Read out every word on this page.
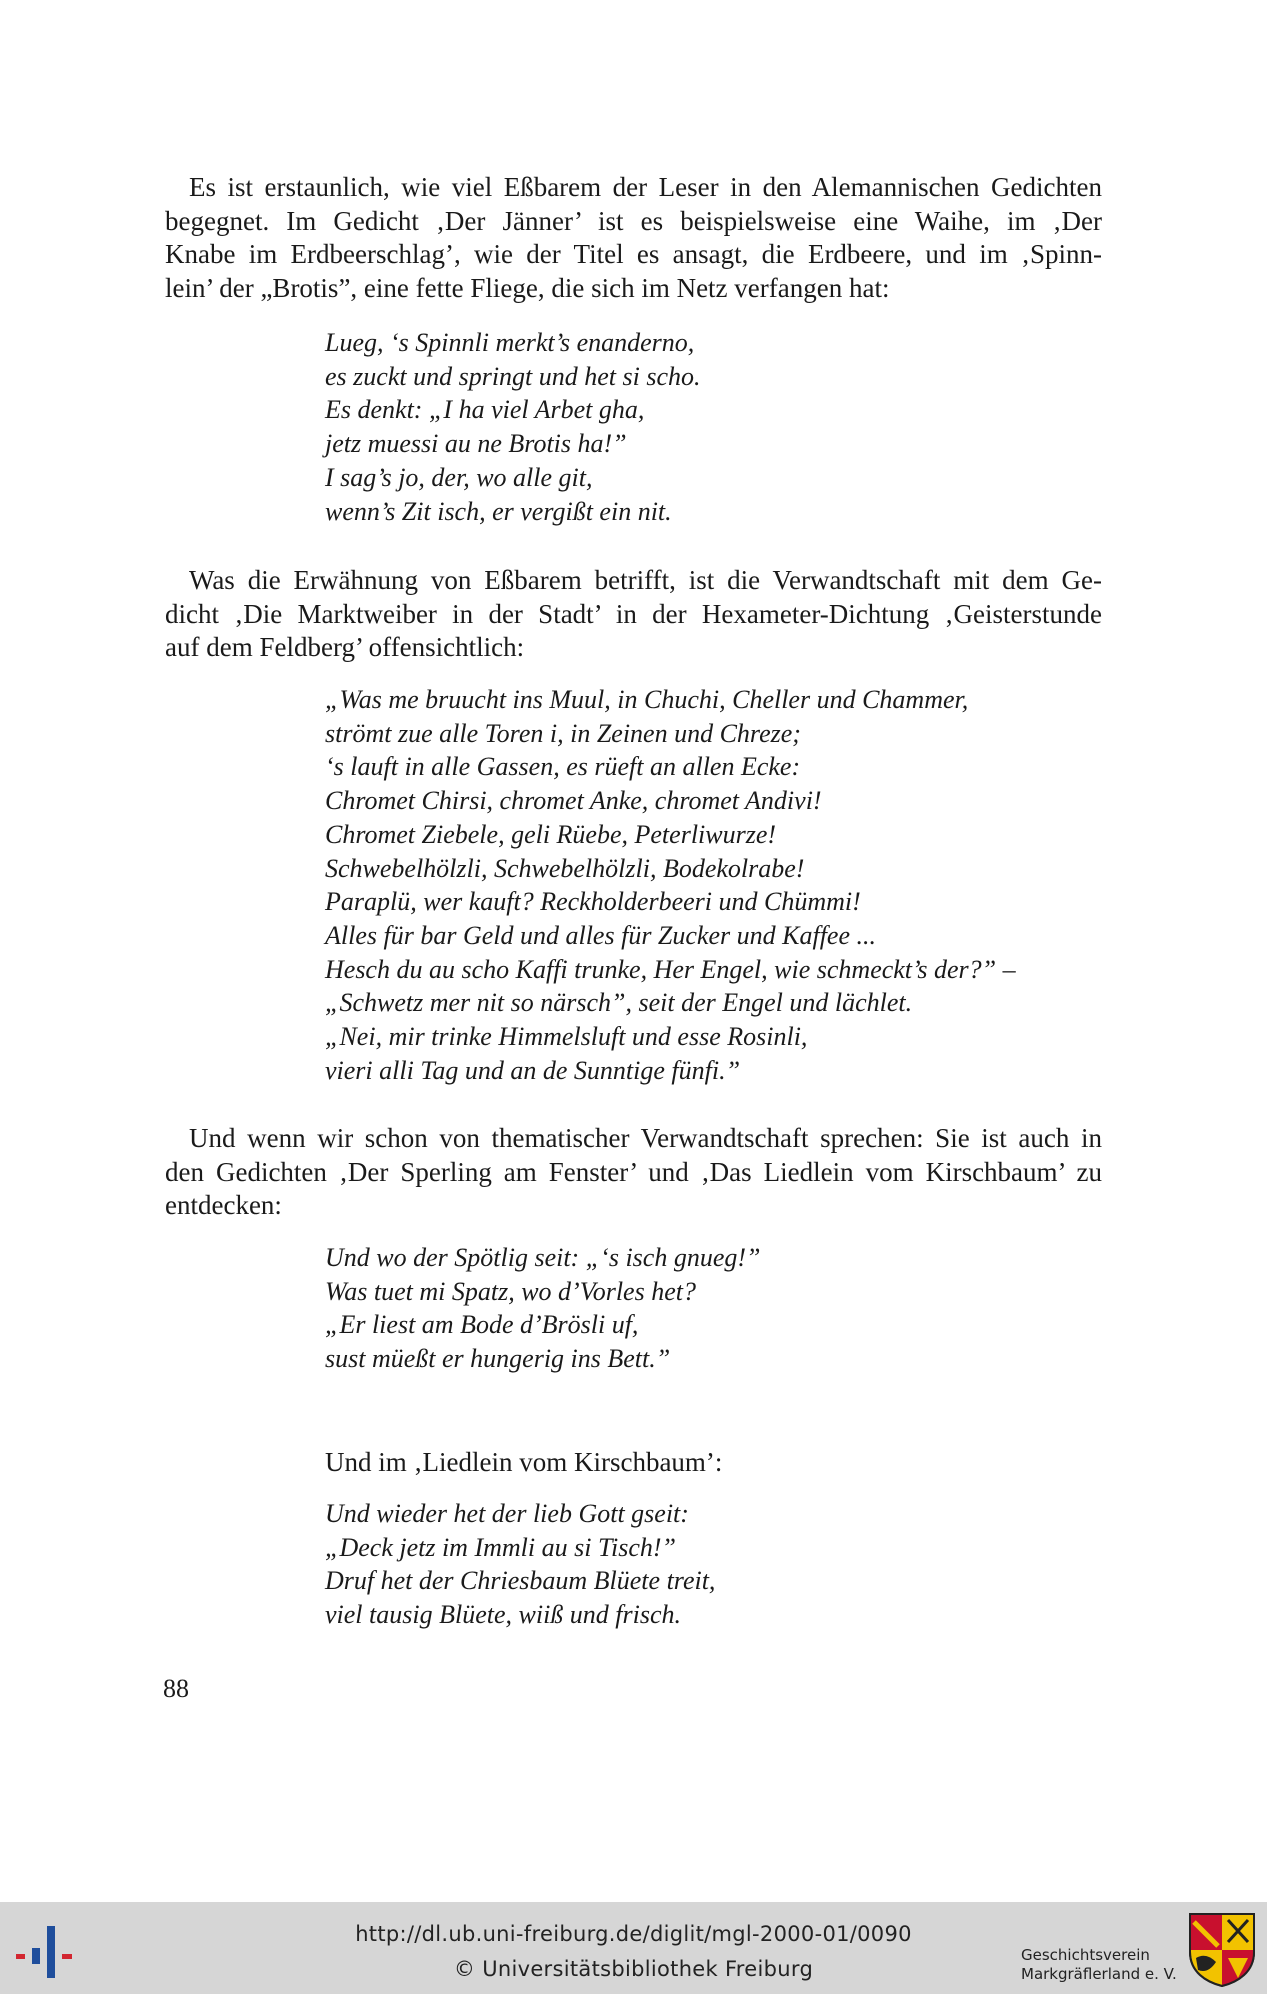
Es ist erstaunlich, wie viel Eßbarem der Leser in den Alemannischen Gedichten
begegnet. Im Gedicht ‚Der Jänner’ ist es beispielsweise eine Waihe, im ‚Der
Knabe im Erdbeerschlag’, wie der Titel es ansagt, die Erdbeere, und im ‚Spinn-
lein’ der „Brotis”, eine fette Fliege, die sich im Netz verfangen hat:

Lueg, ‘s Spinnli merkt’s enanderno,
es zuckt und springt und het si scho.
Es denkt: „I ha viel Arbet gha,
jetz muessi au ne Brotis ha!”
I sag’s jo, der, wo alle git,
wenn’s Zit isch, er vergißt ein nit.

Was die Erwähnung von Eßbarem betrifft, ist die Verwandtschaft mit dem Ge-
dicht ‚Die Marktweiber in der Stadt’ in der Hexameter-Dichtung ‚Geisterstunde
auf dem Feldberg’ offensichtlich:

„Was me bruucht ins Muul, in Chuchi, Cheller und Chammer,
strömt zue alle Toren i, in Zeinen und Chreze;
‘s lauft in alle Gassen, es rüeft an allen Ecke:
Chromet Chirsi, chromet Anke, chromet Andivi!
Chromet Ziebele, geli Rüebe, Peterliwurze!
Schwebelhölzli, Schwebelhölzli, Bodekolrabe!
Paraplü, wer kauft? Reckholderbeeri und Chümmi!
Alles für bar Geld und alles für Zucker und Kaffee ...
Hesch du au scho Kaffi trunke, Her Engel, wie schmeckt’s der?” –
„Schwetz mer nit so närsch”, seit der Engel und lächlet.
„Nei, mir trinke Himmelsluft und esse Rosinli,
vieri alli Tag und an de Sunntige fünfi.”

Und wenn wir schon von thematischer Verwandtschaft sprechen: Sie ist auch in
den Gedichten ‚Der Sperling am Fenster’ und ‚Das Liedlein vom Kirschbaum’ zu
entdecken:

Und wo der Spötlig seit: „‘s isch gnueg!”
Was tuet mi Spatz, wo d’Vorles het?
„Er liest am Bode d’Brösli uf,
sust müeßt er hungerig ins Bett.”
Und im ‚Liedlein vom Kirschbaum’:
Und wieder het der lieb Gott gseit:
„Deck jetz im Immli au si Tisch!”
Druf het der Chriesbaum Blüete treit,
viel tausig Blüete, wiiß und frisch.
88
http://dl.ub.uni-freiburg.de/diglit/mgl-2000-01/0090
© Universitätsbibliothek Freiburg
Geschichtsverein
Markgräflerland e. V.
